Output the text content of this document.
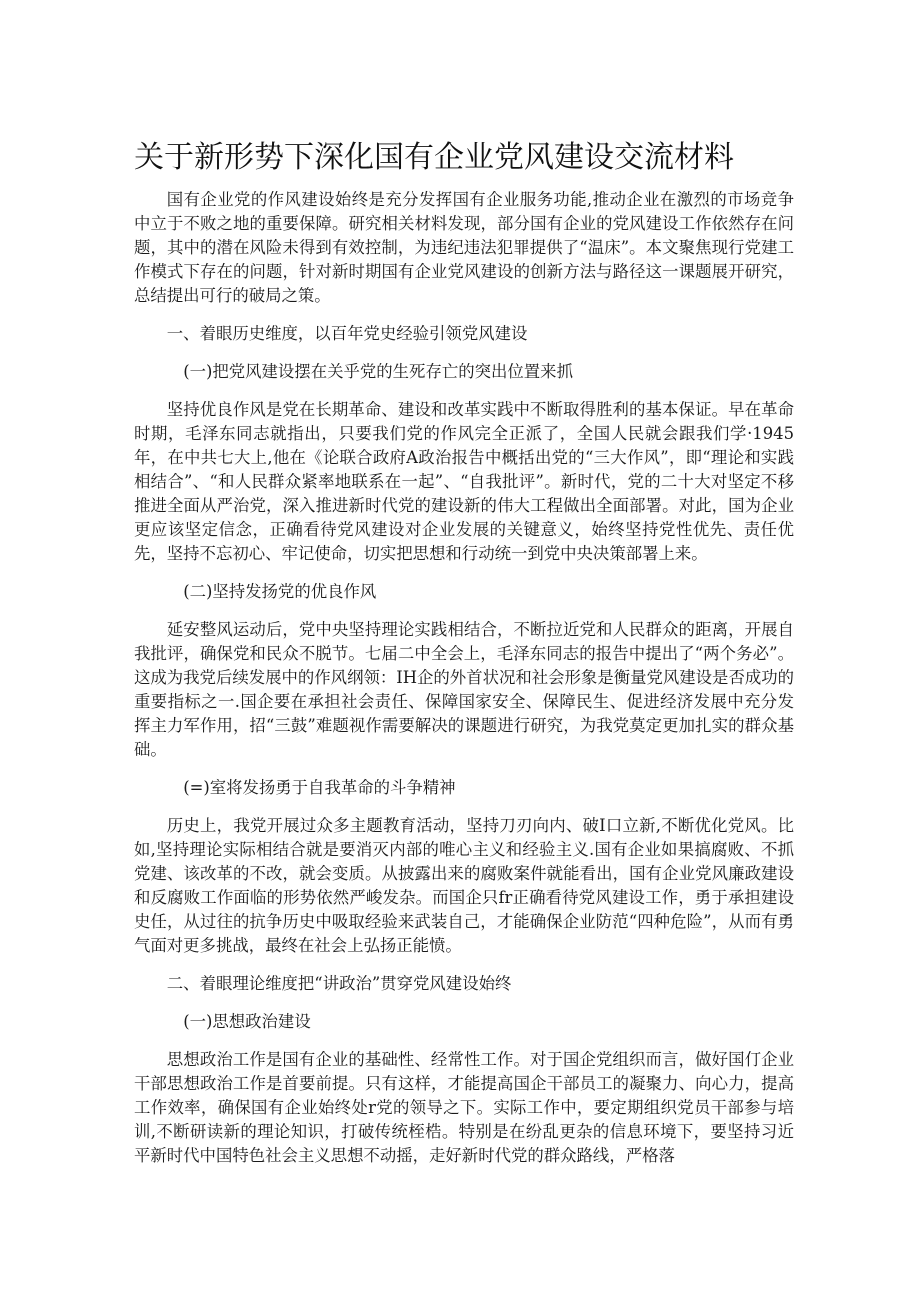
关于新形势下深化国有企业党风建设交流材料

国有企业党的作风建设始终是充分发挥国有企业服务功能,推动企业在激烈的市场竞争中立于不败之地的重要保障。研究相关材料发现，部分国有企业的党风建设工作依然存在问题，其中的潜在风险未得到有效控制，为违纪违法犯罪提供了“温床”。本文聚焦现行党建工作模式下存在的问题，针对新时期国有企业党风建设的创新方法与路径这一课题展开研究，总结提出可行的破局之策。

一、着眼历史维度，以百年党史经验引领党风建设

(一)把党风建设摆在关乎党的生死存亡的突出位置来抓

坚持优良作风是党在长期革命、建设和改革实践中不断取得胜利的基本保证。早在革命时期，毛泽东同志就指出，只要我们党的作风完全正派了，全国人民就会跟我们学·1945年，在中共七大上,他在《论联合政府A政治报告中概括出党的“三大作风”，即“理论和实践相结合”、“和人民群众紧率地联系在一起”、“自我批评”。新时代，党的二十大对坚定不移推进全面从严治党，深入推进新时代党的建设新的伟大工程做出全面部署。对此，国为企业更应该坚定信念，正确看待党风建设对企业发展的关键意义，始终坚持党性优先、责任优先，坚持不忘初心、牢记使命，切实把思想和行动统一到党中央决策部署上来。

(二)坚持发扬党的优良作风

延安整风运动后，党中央坚持理论实践相结合，不断拉近党和人民群众的距离，开展自我批评，确保党和民众不脱节。七届二中全会上，毛泽东同志的报告中提出了“两个务必”。这成为我党后续发展中的作风纲领：IH企的外首状况和社会形象是衡量党风建设是否成功的重要指标之一.国企要在承担社会责任、保障国家安全、保障民生、促进经济发展中充分发挥主力军作用，招“三鼓”难题视作需要解决的课题进行研究，为我党莫定更加扎实的群众基础。

(=)室将发扬勇于自我革命的斗争精神

历史上，我党开展过众多主题教育活动，坚持刀刃向内、破I口立新,不断优化党风。比如,坚持理论实际相结合就是要消灭内部的唯心主义和经验主义.国有企业如果搞腐败、不抓党建、该改革的不改，就会变质。从披露出来的腐败案件就能看出，国有企业党风廉政建设和反腐败工作面临的形势依然严峻发杂。而国企只fr正确看待党风建设工作，勇于承担建设史任，从过往的抗争历史中吸取经验来武装自己，才能确保企业防范“四种危险”，从而有勇气面对更多挑战，最终在社会上弘扬正能愤。

二、着眼理论维度把“讲政治”贯穿党风建设始终

(一)思想政治建设

思想政治工作是国有企业的基础性、经常性工作。对于国企党组织而言，做好国仃企业干部思想政治工作是首要前提。只有这样，才能提高国企干部员工的凝聚力、向心力，提高工作效率，确保国有企业始终处r党的领导之下。实际工作中，要定期组织党员干部参与培训,不断研读新的理论知识，打破传统桎梏。特别是在纷乱更杂的信息环境下，要坚持习近平新时代中国特色社会主义思想不动摇，走好新时代党的群众路线，严格落
